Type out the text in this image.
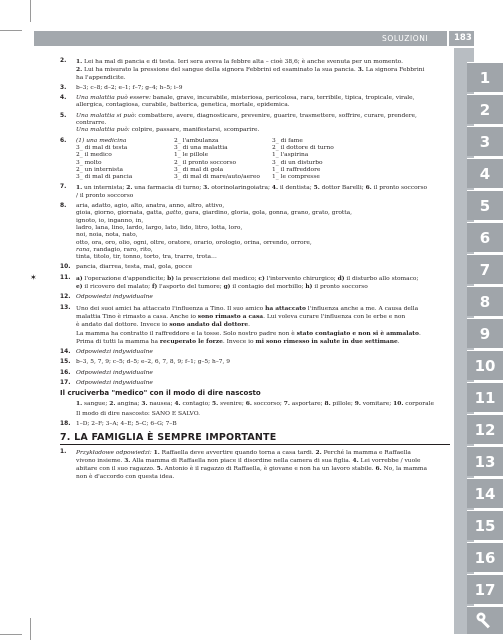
SOLUZIONI	183
1
2
3
4
5
6
7
8
9
10
11
12
13
14
15
16
17
2. 1. Lei ha mal di pancia e di testa. Ieri sera aveva la febbre alta – cioè 38,6; è anche svenuta per un momento.

2. Lui ha misurato la pressione del sangue della signora Febbrini ed esaminato la sua pancia. 3. La signora Febbrini

ha l'appendicite.

3. b–3; c–8; d–2; e–1; f–7; g–4; h–5; i–9

4. Una malattia può essere: banale, grave, incurabile, misteriosa, pericolosa, rara, terribile, tipica, tropicale, virale,

allergica, contagiosa, curabile, batterica, genetica, mortale, epidemica.

5. Una malattia si può: combattere, avere, diagnosticare, prevenire, guarire, trasmettere, soffrire, curare, prendere,

contrarre.

Una malattia può: colpire, passare, manifestarsi, scomparire.

6. (1) una medicina	2_ l'ambulanza	3_ di fame
3_ di mal di testa	3_ di una malattia	2_ il dottore di turno
2_ il medico	1_ le pillole	1_ l'aspirina
3_ molto	2_ il pronto soccorso	3_ di un disturbo
2_ un internista	3_ di mal di gola	1_ il raffreddore
3_ di mal di pancia	3_ di mal di mare/auto/aereo	1_ le compresse
7. 1. un internista; 2. una farmacia di turno; 3. otorinolaringoiatra; 4. il dentista; 5. dottor Barelli; 6. il pronto soccorso

/ il pronto soccorso

8. aria, adatto, agio, alto, anatra, anno, altro, attivo,

gioia, giorno, giornata, gatta, gatto, gara, giardino, gloria, gola, gonna, grano, grato, grotta,

ignoto, io, inganno, in,

ladro, lana, lino, lardo, largo, lato, lido, litro, lotta, loro,

noi, noia, nota, nato,

otto, ora, oro, olio, ogni, oltre, oratore, orario, orologio, orina, orrendo, orrore,

rana, randagio, raro, rito,

tinta, titolo, tir, tonno, torto, tra, trarre, trota…

10. pancia, diarrea, testa, mal, gola, gocce

✶	11. a) l'operazione d'appendicite; b) la prescrizione del medico; c) l'intervento chirurgico; d) il disturbo allo stomaco;

e) il ricovero del malato; f) l'asporto del tumore; g) il contagio del morbillo; h) il pronto soccorso

12. Odpowiedzi indywidualne

13. Uno dei suoi amici ha attaccato l'influenza a Tino. Il suo amico ha attaccato l'influenza anche a me. A causa della

malattia Tino è rimasto a casa. Anche io sono rimasto a casa. Lui voleva curare l'influenza con le erbe e non

è andato dal dottore. Invece io sono andato dal dottore.

La mamma ha contratto il raffreddore e la tosse. Solo nostro padre non è stato contagiato e non si è ammalato.

Prima di tutti la mamma ha recuperato le forze. Invece io mi sono rimesso in salute in due settimane.

14. Odpowiedzi indywidualne

15. b–3, 5, 7, 9; c–5; d–5; e–2, 6, 7, 8, 9; f–1; g–5; h–7, 9

16. Odpowiedzi indywidualne

17. Odpowiedzi indywidualne

Il cruciverba "medico" con il modo di dire nascosto

1. sangue; 2. angina; 3. nausea; 4. contagio; 5. svenire; 6. soccorso; 7. asportare; 8. pillole; 9. vomitare; 10. corporale

Il modo di dire nascosto: SANO E SALVO.

18. 1–D; 2–F; 3–A; 4–E; 5–C; 6–G; 7–B

7. LA FAMIGLIA È SEMPRE IMPORTANTE
1. Przykładowe odpowiedzi: 1. Raffaella deve avvertire quando torna a casa tardi. 2. Perché la mamma e Raffaella

vivono insieme. 3. Alla mamma di Raffaella non piace il disordine nella camera di sua figlia. 4. Lei vorrebbe / vuole

abitare con il suo ragazzo. 5. Antonio è il ragazzo di Raffaella, è giovane e non ha un lavoro stabile. 6. No, la mamma

non è d'accordo con questa idea.
